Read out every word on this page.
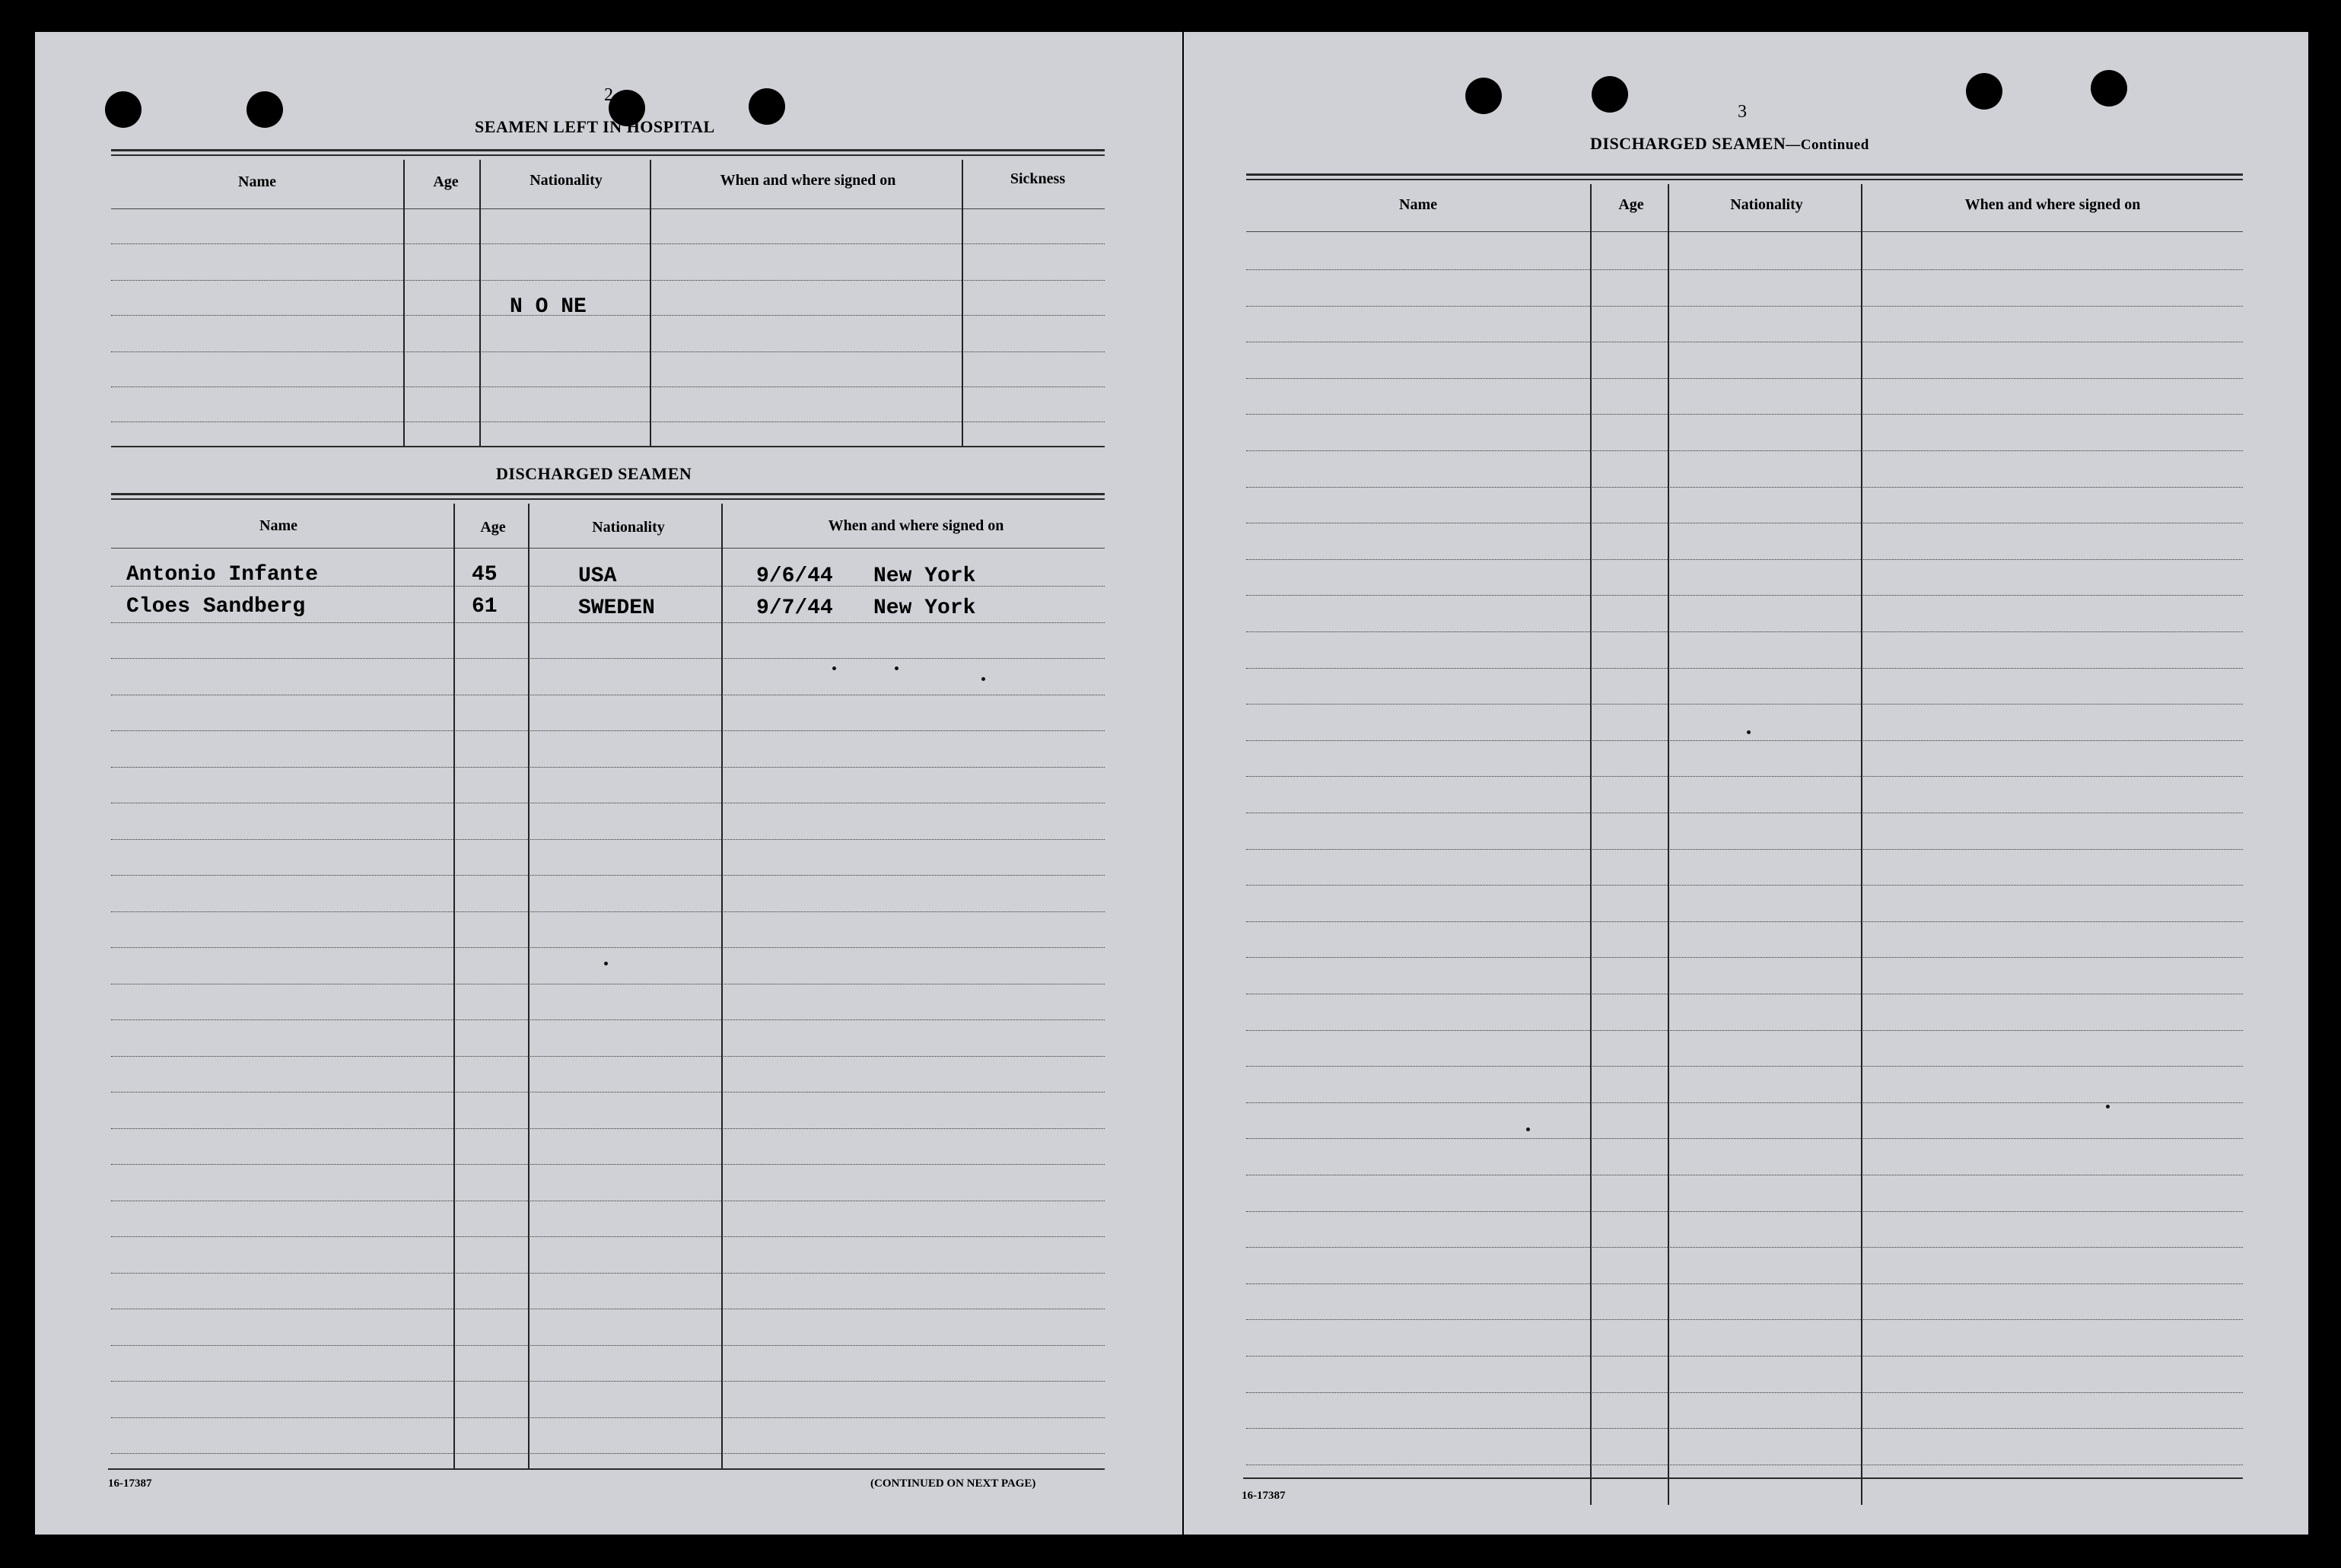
2
SEAMEN LEFT IN HOSPITAL
Name	Age	Nationality	When and where signed on	Sickness
N O NE
DISCHARGED SEAMEN
Name	Age	Nationality	When and where signed on
Antonio Infante	45	USA	9/6/44 New York
Cloes Sandberg	61	SWEDEN	9/7/44 New York
16-17387	(CONTINUED ON NEXT PAGE)
3
DISCHARGED SEAMEN—Continued
Name	Age	Nationality	When and where signed on
16-17387
